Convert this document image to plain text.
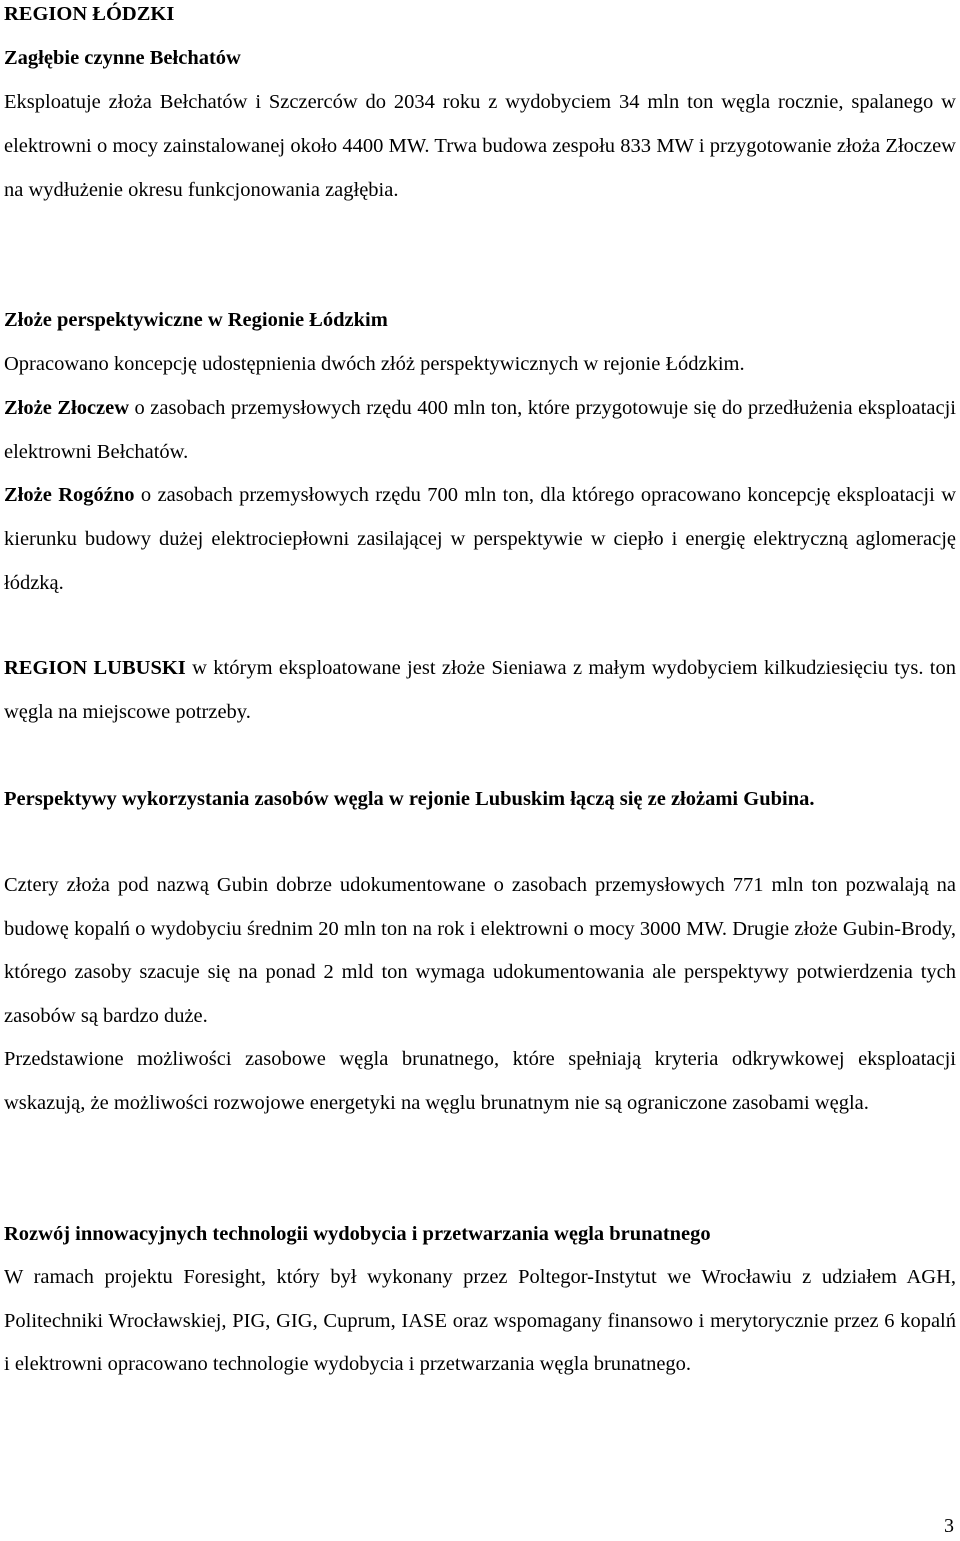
REGION ŁÓDZKI
Zagłębie czynne Bełchatów

Eksploatuje złoża Bełchatów i Szczerców do 2034 roku z wydobyciem 34 mln ton węgla rocznie, spalanego w elektrowni o mocy zainstalowanej około 4400 MW. Trwa budowa zespołu 833 MW i przygotowanie złoża Złoczew na wydłużenie okresu funkcjonowania zagłębia.

Złoże perspektywiczne w Regionie Łódzkim

Opracowano koncepcję udostępnienia dwóch złóż perspektywicznych w rejonie Łódzkim.

Złoże Złoczew o zasobach przemysłowych rzędu 400 mln ton, które przygotowuje się do przedłużenia eksploatacji elektrowni Bełchatów.

Złoże Rogóźno o zasobach przemysłowych rzędu 700 mln ton, dla którego opracowano koncepcję eksploatacji w kierunku budowy dużej elektrociepłowni zasilającej w perspektywie w ciepło i energię elektryczną aglomerację łódzką.

REGION LUBUSKI w którym eksploatowane jest złoże Sieniawa z małym wydobyciem kilkudziesięciu tys. ton węgla na miejscowe potrzeby.

Perspektywy wykorzystania zasobów węgla w rejonie Lubuskim łączą się ze złożami Gubina.

Cztery złoża pod nazwą Gubin dobrze udokumentowane o zasobach przemysłowych 771 mln ton pozwalają na budowę kopalń o wydobyciu średnim 20 mln ton na rok i elektrowni o mocy 3000 MW. Drugie złoże Gubin-Brody, którego zasoby szacuje się na ponad 2 mld ton wymaga udokumentowania ale perspektywy potwierdzenia tych zasobów są bardzo duże.

Przedstawione możliwości zasobowe węgla brunatnego, które spełniają kryteria odkrywkowej eksploatacji wskazują, że możliwości rozwojowe energetyki na węglu brunatnym nie są ograniczone zasobami węgla.

Rozwój innowacyjnych technologii wydobycia i przetwarzania węgla brunatnego

W ramach projektu Foresight, który był wykonany przez Poltegor-Instytut we Wrocławiu z udziałem AGH, Politechniki Wrocławskiej, PIG, GIG, Cuprum, IASE oraz wspomagany finansowo i merytorycznie przez 6 kopalń i elektrowni opracowano technologie wydobycia i przetwarzania węgla brunatnego.

3
